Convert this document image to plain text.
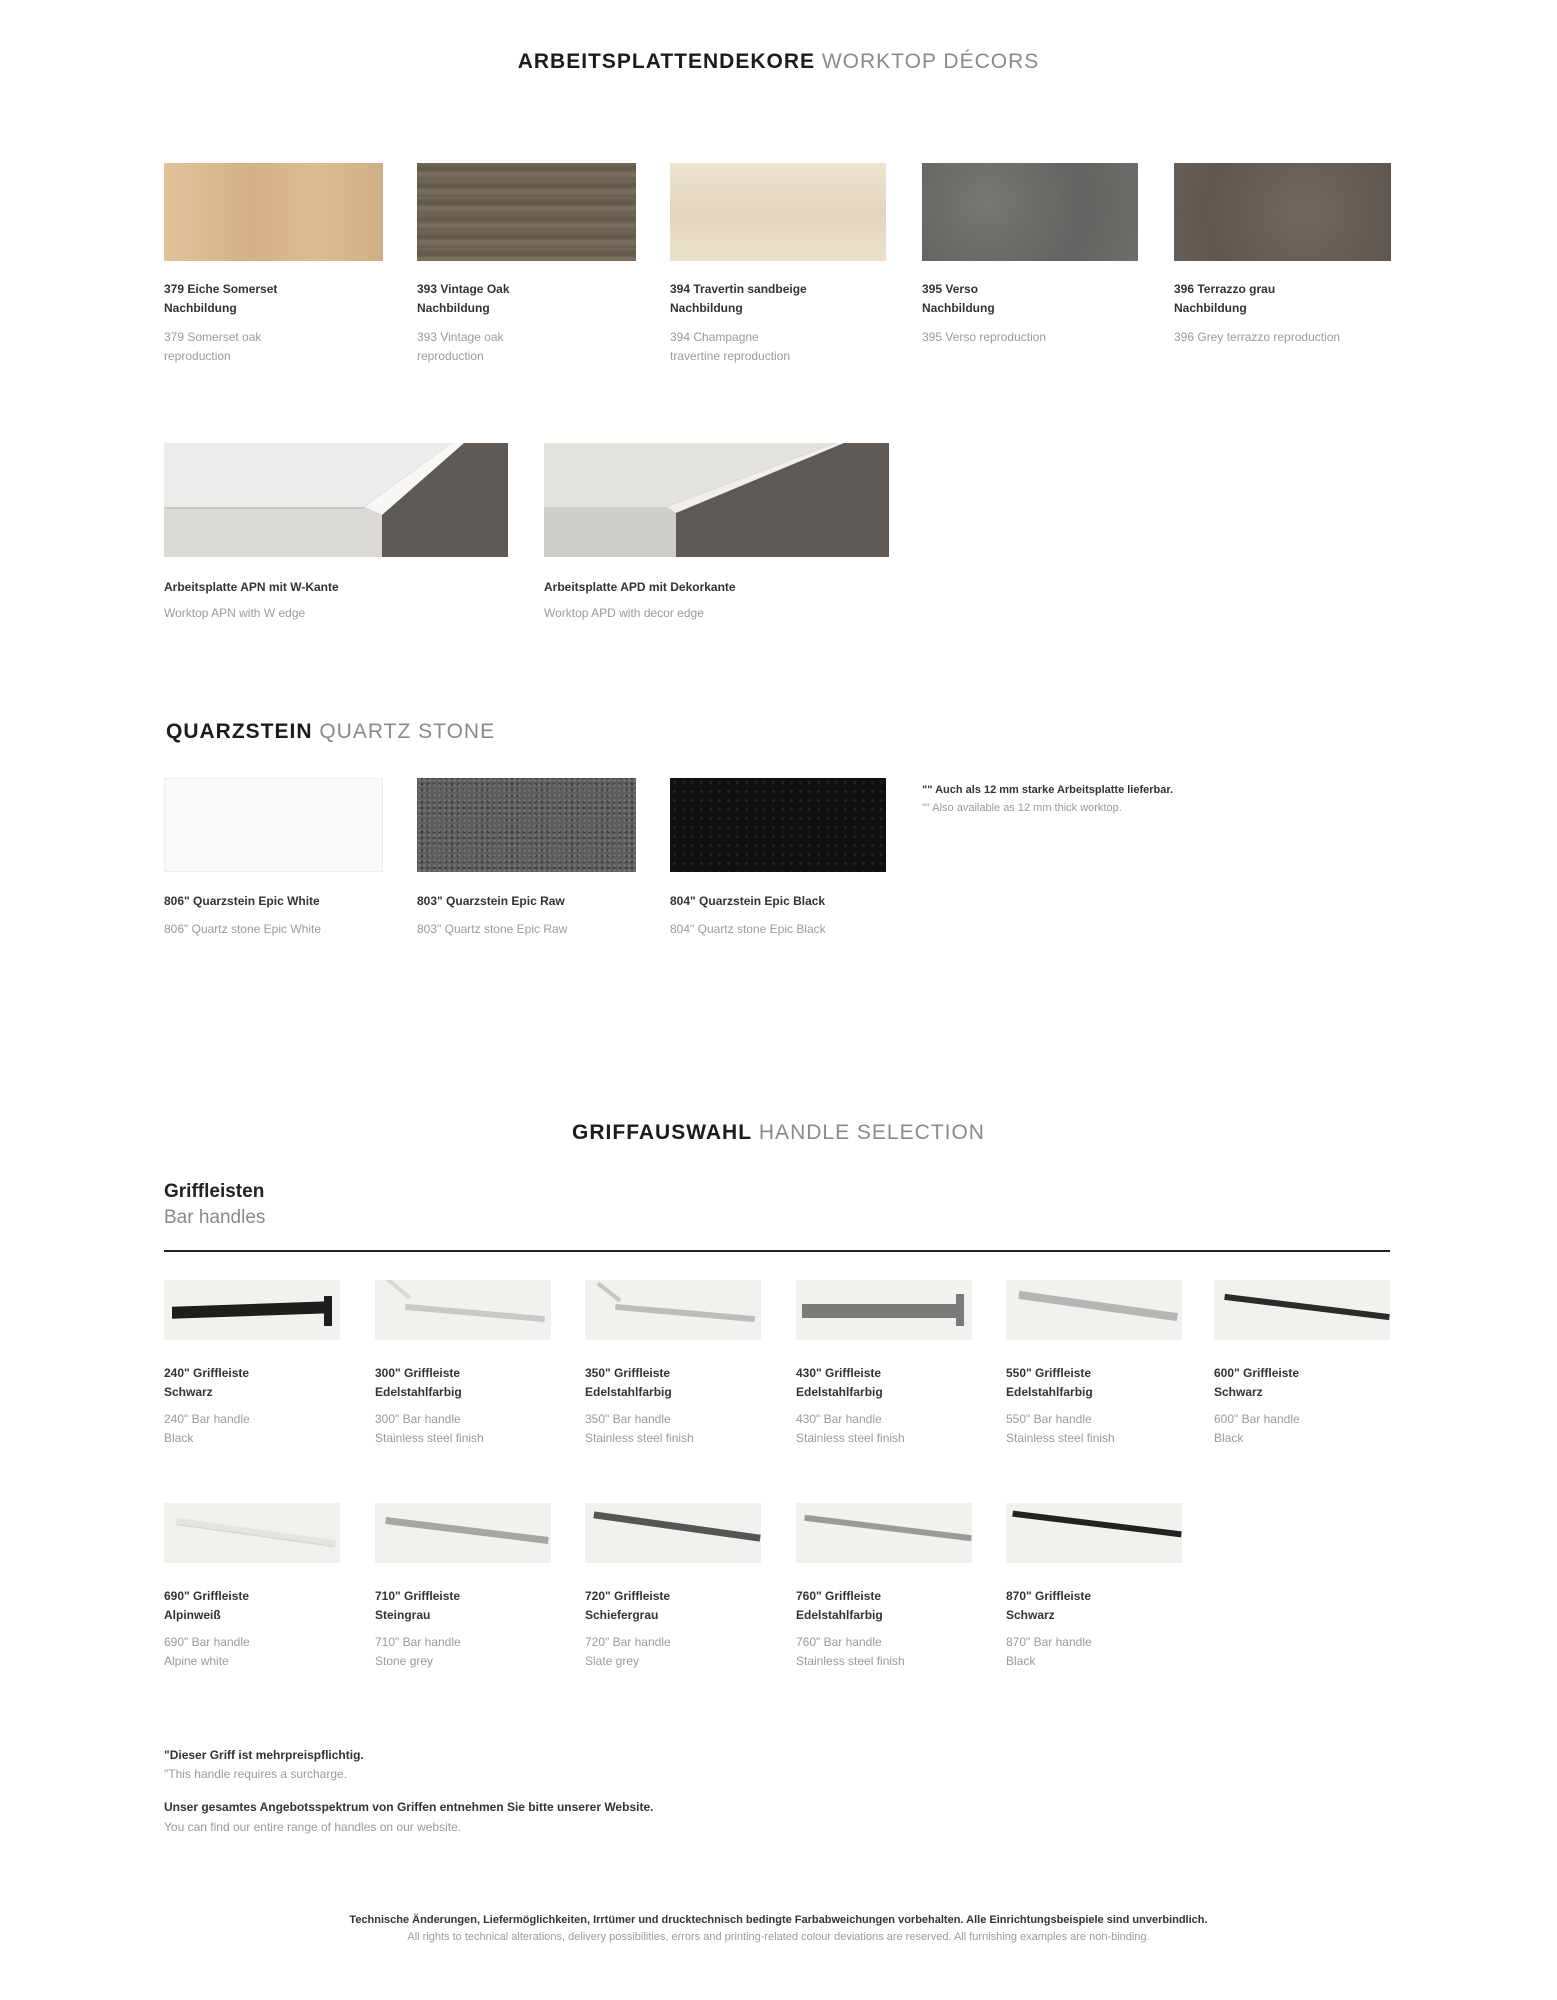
ARBEITSPLATTENDEKORE WORKTOP DÉCORS
379 Eiche Somerset
Nachbildung
379 Somerset oak
reproduction
393 Vintage Oak
Nachbildung
393 Vintage oak
reproduction
394 Travertin sandbeige
Nachbildung
394 Champagne
travertine reproduction
395 Verso
Nachbildung
395 Verso reproduction
396 Terrazzo grau
Nachbildung
396 Grey terrazzo reproduction
Arbeitsplatte APN mit W-Kante
Worktop APN with W edge
Arbeitsplatte APD mit Dekorkante
Worktop APD with decor edge
QUARZSTEIN QUARTZ STONE
806" Quarzstein Epic White
806" Quartz stone Epic White
803" Quarzstein Epic Raw
803" Quartz stone Epic Raw
804" Quarzstein Epic Black
804" Quartz stone Epic Black
"" Auch als 12 mm starke Arbeitsplatte lieferbar.
"" Also available as 12 mm thick worktop.
GRIFFAUSWAHL HANDLE SELECTION
Griffleisten
Bar handles
240" Griffleiste
Schwarz
240" Bar handle
Black
300" Griffleiste
Edelstahlfarbig
300" Bar handle
Stainless steel finish
350" Griffleiste
Edelstahlfarbig
350" Bar handle
Stainless steel finish
430" Griffleiste
Edelstahlfarbig
430" Bar handle
Stainless steel finish
550" Griffleiste
Edelstahlfarbig
550" Bar handle
Stainless steel finish
600" Griffleiste
Schwarz
600" Bar handle
Black
690" Griffleiste
Alpinweiß
690" Bar handle
Alpine white
710" Griffleiste
Steingrau
710" Bar handle
Stone grey
720" Griffleiste
Schiefergrau
720" Bar handle
Slate grey
760" Griffleiste
Edelstahlfarbig
760" Bar handle
Stainless steel finish
870" Griffleiste
Schwarz
870" Bar handle
Black
"Dieser Griff ist mehrpreispflichtig.
"This handle requires a surcharge.
Unser gesamtes Angebotsspektrum von Griffen entnehmen Sie bitte unserer Website.
You can find our entire range of handles on our website.
Technische Änderungen, Liefermöglichkeiten, Irrtümer und drucktechnisch bedingte Farbabweichungen vorbehalten. Alle Einrichtungsbeispiele sind unverbindlich.
All rights to technical alterations, delivery possibilities, errors and printing-related colour deviations are reserved. All furnishing examples are non-binding.
